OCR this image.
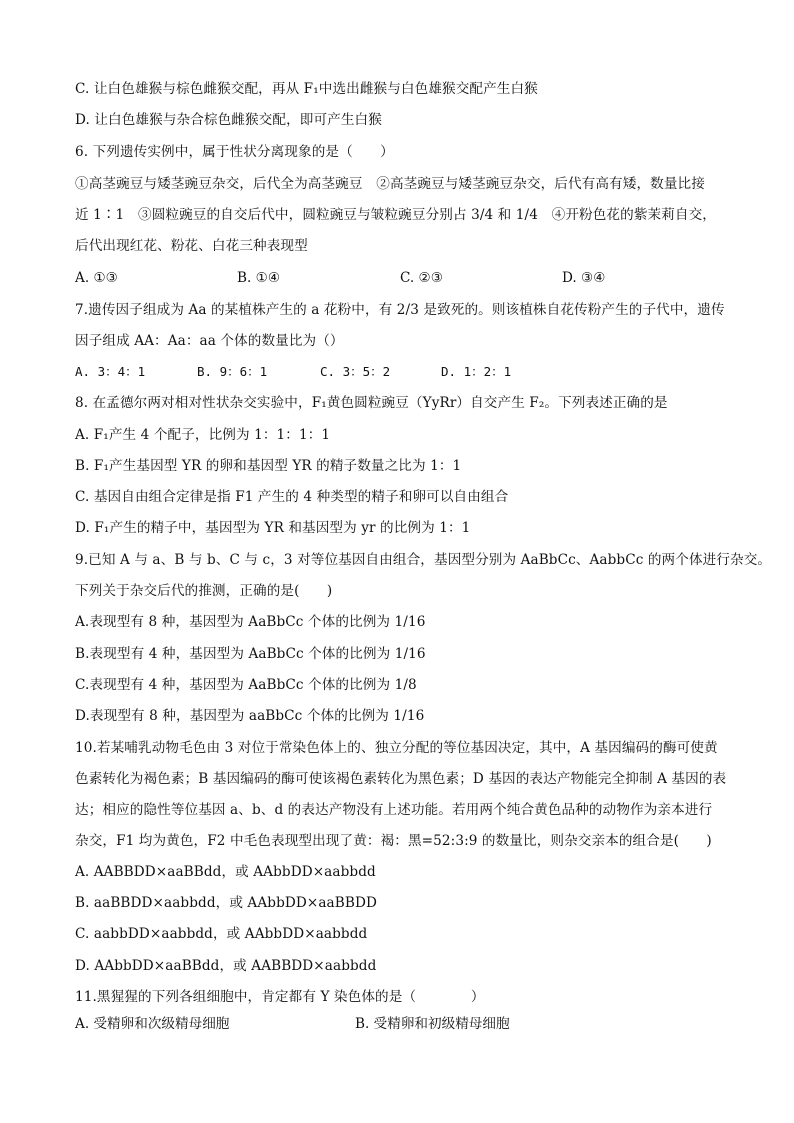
C. 让白色雄猴与棕色雌猴交配，再从 F₁中选出雌猴与白色雄猴交配产生白猴
D. 让白色雄猴与杂合棕色雌猴交配，即可产生白猴
6. 下列遗传实例中，属于性状分离现象的是（　　）
①高茎豌豆与矮茎豌豆杂交，后代全为高茎豌豆　②高茎豌豆与矮茎豌豆杂交，后代有高有矮，数量比接
近 1∶1　③圆粒豌豆的自交后代中，圆粒豌豆与皱粒豌豆分别占 3/4 和 1/4　④开粉色花的紫茉莉自交，
后代出现红花、粉花、白花三种表现型
A. ①③	B. ①④	C. ②③	D. ③④
7.遗传因子组成为 Aa 的某植株产生的 a 花粉中，有 2/3 是致死的。则该植株自花传粉产生的子代中，遗传
因子组成 AA：Aa：aa 个体的数量比为（）
A. 3：4：1	B. 9：6：1	C. 3：5：2	D. 1：2：1
8. 在孟德尔两对相对性状杂交实验中，F₁黄色圆粒豌豆（YyRr）自交产生 F₂。下列表述正确的是
A. F₁产生 4 个配子，比例为 1：1：1：1
B. F₁产生基因型 YR 的卵和基因型 YR 的精子数量之比为 1：1
C. 基因自由组合定律是指 F1 产生的 4 种类型的精子和卵可以自由组合
D. F₁产生的精子中，基因型为 YR 和基因型为 yr 的比例为 1：1
9.已知 A 与 a、B 与 b、C 与 c，3 对等位基因自由组合，基因型分别为 AaBbCc、AabbCc 的两个体进行杂交。
下列关于杂交后代的推测，正确的是(　　)
A.表现型有 8 种，基因型为 AaBbCc 个体的比例为 1/16
B.表现型有 4 种，基因型为 AaBbCc 个体的比例为 1/16
C.表现型有 4 种，基因型为 AaBbCc 个体的比例为 1/8
D.表现型有 8 种，基因型为 aaBbCc 个体的比例为 1/16
10.若某哺乳动物毛色由 3 对位于常染色体上的、独立分配的等位基因决定，其中，A 基因编码的酶可使黄
色素转化为褐色素；B 基因编码的酶可使该褐色素转化为黑色素；D 基因的表达产物能完全抑制 A 基因的表
达；相应的隐性等位基因 a、b、d 的表达产物没有上述功能。若用两个纯合黄色品种的动物作为亲本进行
杂交，F1 均为黄色，F2 中毛色表现型出现了黄：褐：黑=52:3:9 的数量比，则杂交亲本的组合是(　　)
A. AABBDD×aaBBdd，或 AAbbDD×aabbdd
B. aaBBDD×aabbdd，或 AAbbDD×aaBBDD
C. aabbDD×aabbdd，或 AAbbDD×aabbdd
D. AAbbDD×aaBBdd，或 AABBDD×aabbdd
11.黑猩猩的下列各组细胞中，肯定都有 Y 染色体的是（　　　　）
A. 受精卵和次级精母细胞	B. 受精卵和初级精母细胞
